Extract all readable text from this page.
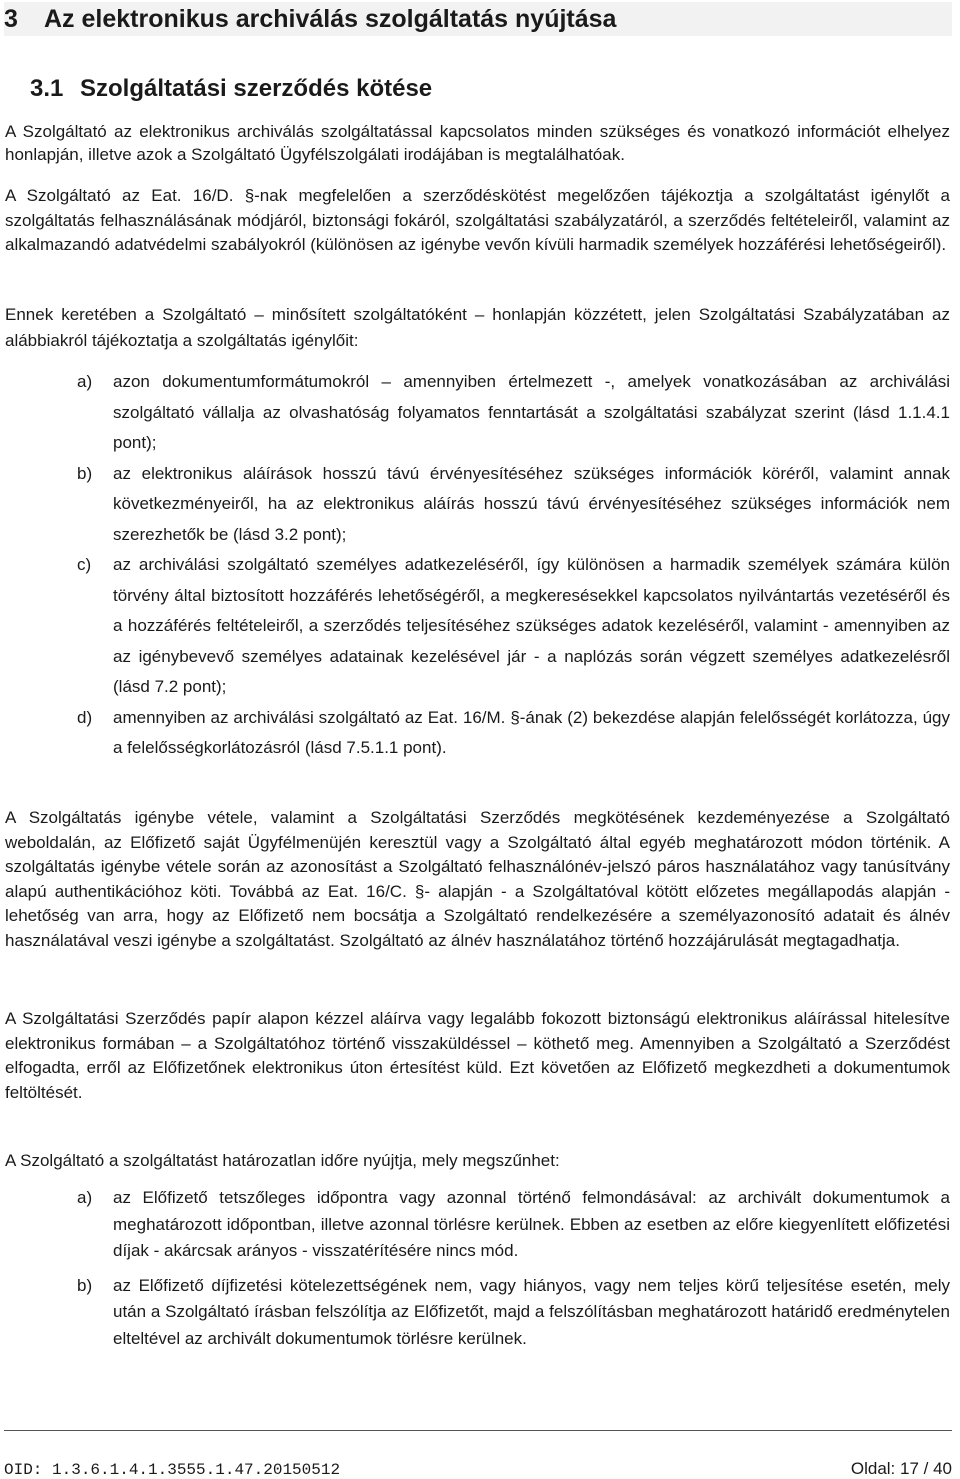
3 Az elektronikus archiválás szolgáltatás nyújtása
3.1 Szolgáltatási szerződés kötése

A Szolgáltató az elektronikus archiválás szolgáltatással kapcsolatos minden szükséges és vonatkozó információt elhelyez honlapján, illetve azok a Szolgáltató Ügyfélszolgálati irodájában is megtalálhatóak.

A Szolgáltató az Eat. 16/D. §-nak megfelelően a szerződéskötést megelőzően tájékoztja a szolgáltatást igénylőt a szolgáltatás felhasználásának módjáról, biztonsági fokáról, szolgáltatási szabályzatáról, a szerződés feltételeiről, valamint az alkalmazandó adatvédelmi szabályokról (különösen az igénybe vevőn kívüli harmadik személyek hozzáférési lehetőségeiről).

Ennek keretében a Szolgáltató – minősített szolgáltatóként – honlapján közzétett, jelen Szolgáltatási Szabályzatában az alábbiakról tájékoztatja a szolgáltatás igénylőit:

a) azon dokumentumformátumokról – amennyiben értelmezett -, amelyek vonatkozásában az archiválási szolgáltató vállalja az olvashatóság folyamatos fenntartását a szolgáltatási szabályzat szerint (lásd 1.1.4.1 pont);
b) az elektronikus aláírások hosszú távú érvényesítéséhez szükséges információk köréről, valamint annak következményeiről, ha az elektronikus aláírás hosszú távú érvényesítéséhez szükséges információk nem szerezhetők be (lásd 3.2 pont);
c) az archiválási szolgáltató személyes adatkezeléséről, így különösen a harmadik személyek számára külön törvény által biztosított hozzáférés lehetőségéről, a megkeresésekkel kapcsolatos nyilvántartás vezetéséről és a hozzáférés feltételeiről, a szerződés teljesítéséhez szükséges adatok kezeléséről, valamint - amennyiben az az igénybevevő személyes adatainak kezelésével jár - a naplózás során végzett személyes adatkezelésről (lásd 7.2 pont);
d) amennyiben az archiválási szolgáltató az Eat. 16/M. §-ának (2) bekezdése alapján felelősségét korlátozza, úgy a felelősségkorlátozásról (lásd 7.5.1.1 pont).

A Szolgáltatás igénybe vétele, valamint a Szolgáltatási Szerződés megkötésének kezdeményezése a Szolgáltató weboldalán, az Előfizető saját Ügyfélmenüjén keresztül vagy a Szolgáltató által egyéb meghatározott módon történik. A szolgáltatás igénybe vétele során az azonosítást a Szolgáltató felhasználónév-jelszó páros használatához vagy tanúsítvány alapú authentikációhoz köti. Továbbá az Eat. 16/C. §- alapján - a Szolgáltatóval kötött előzetes megállapodás alapján - lehetőség van arra, hogy az Előfizető nem bocsátja a Szolgáltató rendelkezésére a személyazonosító adatait és álnév használatával veszi igénybe a szolgáltatást. Szolgáltató az álnév használatához történő hozzájárulását megtagadhatja.

A Szolgáltatási Szerződés papír alapon kézzel aláírva vagy legalább fokozott biztonságú elektronikus aláírással hitelesítve elektronikus formában – a Szolgáltatóhoz történő visszaküldéssel – köthető meg. Amennyiben a Szolgáltató a Szerződést elfogadta, erről az Előfizetőnek elektronikus úton értesítést küld. Ezt követően az Előfizető megkezdheti a dokumentumok feltöltését.

A Szolgáltató a szolgáltatást határozatlan időre nyújtja, mely megszűnhet:

a) az Előfizető tetszőleges időpontra vagy azonnal történő felmondásával: az archivált dokumentumok a meghatározott időpontban, illetve azonnal törlésre kerülnek. Ebben az esetben az előre kiegyenlített előfizetési díjak - akárcsak arányos - visszatérítésére nincs mód.
b) az Előfizető díjfizetési kötelezettségének nem, vagy hiányos, vagy nem teljes körű teljesítése esetén, mely után a Szolgáltató írásban felszólítja az Előfizetőt, majd a felszólításban meghatározott határidő eredménytelen elteltével az archivált dokumentumok törlésre kerülnek.
OID: 1.3.6.1.4.1.3555.1.47.20150512	Oldal: 17 / 40
